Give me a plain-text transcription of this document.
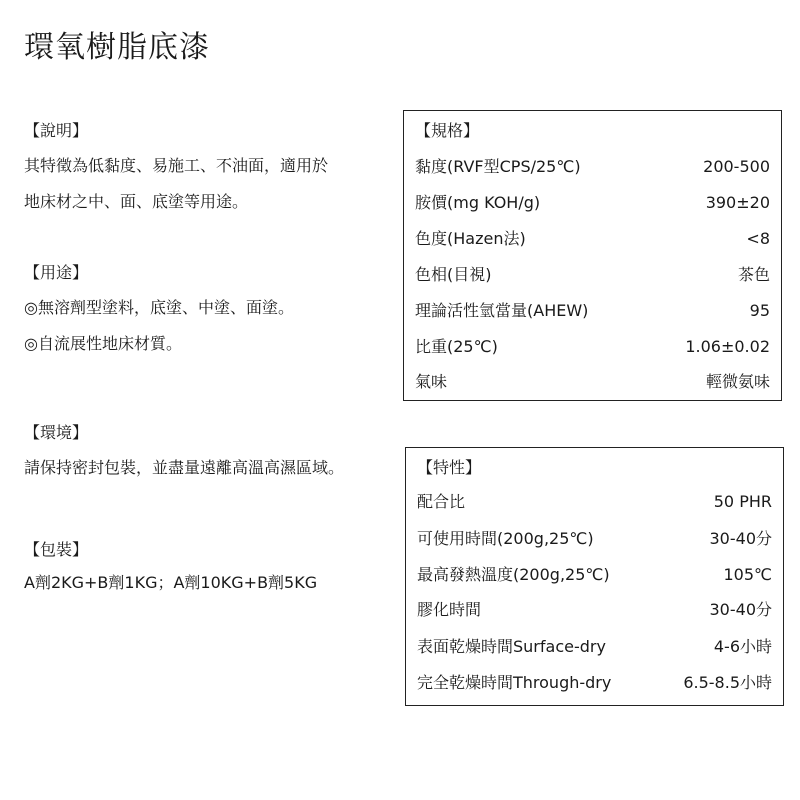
環氧樹脂底漆
【說明】
其特徵為低黏度、易施工、不油面，適用於
地床材之中、面、底塗等用途。
【用途】
◎無溶劑型塗料，底塗、中塗、面塗。
◎自流展性地床材質。
【環境】
請保持密封包裝，並盡量遠離高溫高濕區域。
【包裝】
A劑2KG+B劑1KG；A劑10KG+B劑5KG
【規格】
黏度(RVF型CPS/25℃)	200-500
胺價(mg KOH/g)	390±20
色度(Hazen法)	<8
色相(目視)	茶色
理論活性氫當量(AHEW)	95
比重(25℃)	1.06±0.02
氣味	輕微氨味
【特性】
配合比	50 PHR
可使用時間(200g,25℃)	30-40分
最高發熱溫度(200g,25℃)	105℃
膠化時間	30-40分
表面乾燥時間Surface-dry	4-6小時
完全乾燥時間Through-dry	6.5-8.5小時
